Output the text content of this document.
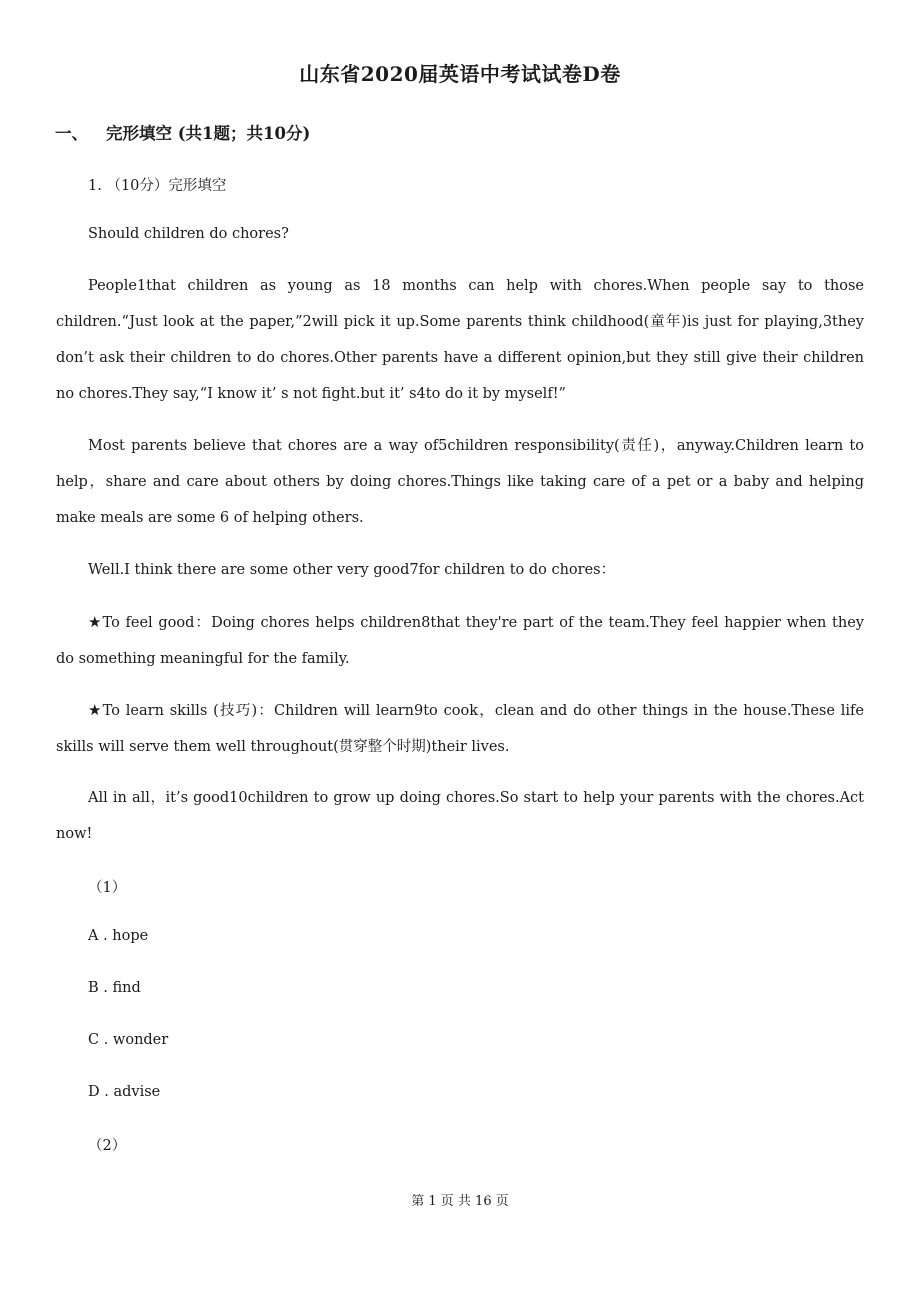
山东省2020届英语中考试试卷D卷
一、 完形填空 (共1题；共10分)
1. （10分）完形填空
Should children do chores?
People1that children as young as 18 months can help with chores.When people say to those children.“Just look at the paper,”2will pick it up.Some parents think childhood(童年)is just for playing,3they don’t ask their children to do chores.Other parents have a different opinion,but they still give their children no chores.They say,“I know it’ s not fight.but it’ s4to do it by myself!”
Most parents believe that chores are a way of5children responsibility(责任)，anyway.Children learn to help，share and care about others by doing chores.Things like taking care of a pet or a baby and helping make meals are some 6 of helping others.
Well.I think there are some other very good7for children to do chores：
★To feel good：Doing chores helps children8that they're part of the team.They feel happier when they do something meaningful for the family.
★To learn skills (技巧)：Children will learn9to cook，clean and do other things in the house.These life skills will serve them well throughout(贯穿整个时期)their lives.
All in all，it’s good10children to grow up doing chores.So start to help your parents with the chores.Act now!
（1）
A . hope
B . find
C . wonder
D . advise
（2）
第 1 页 共 16 页
